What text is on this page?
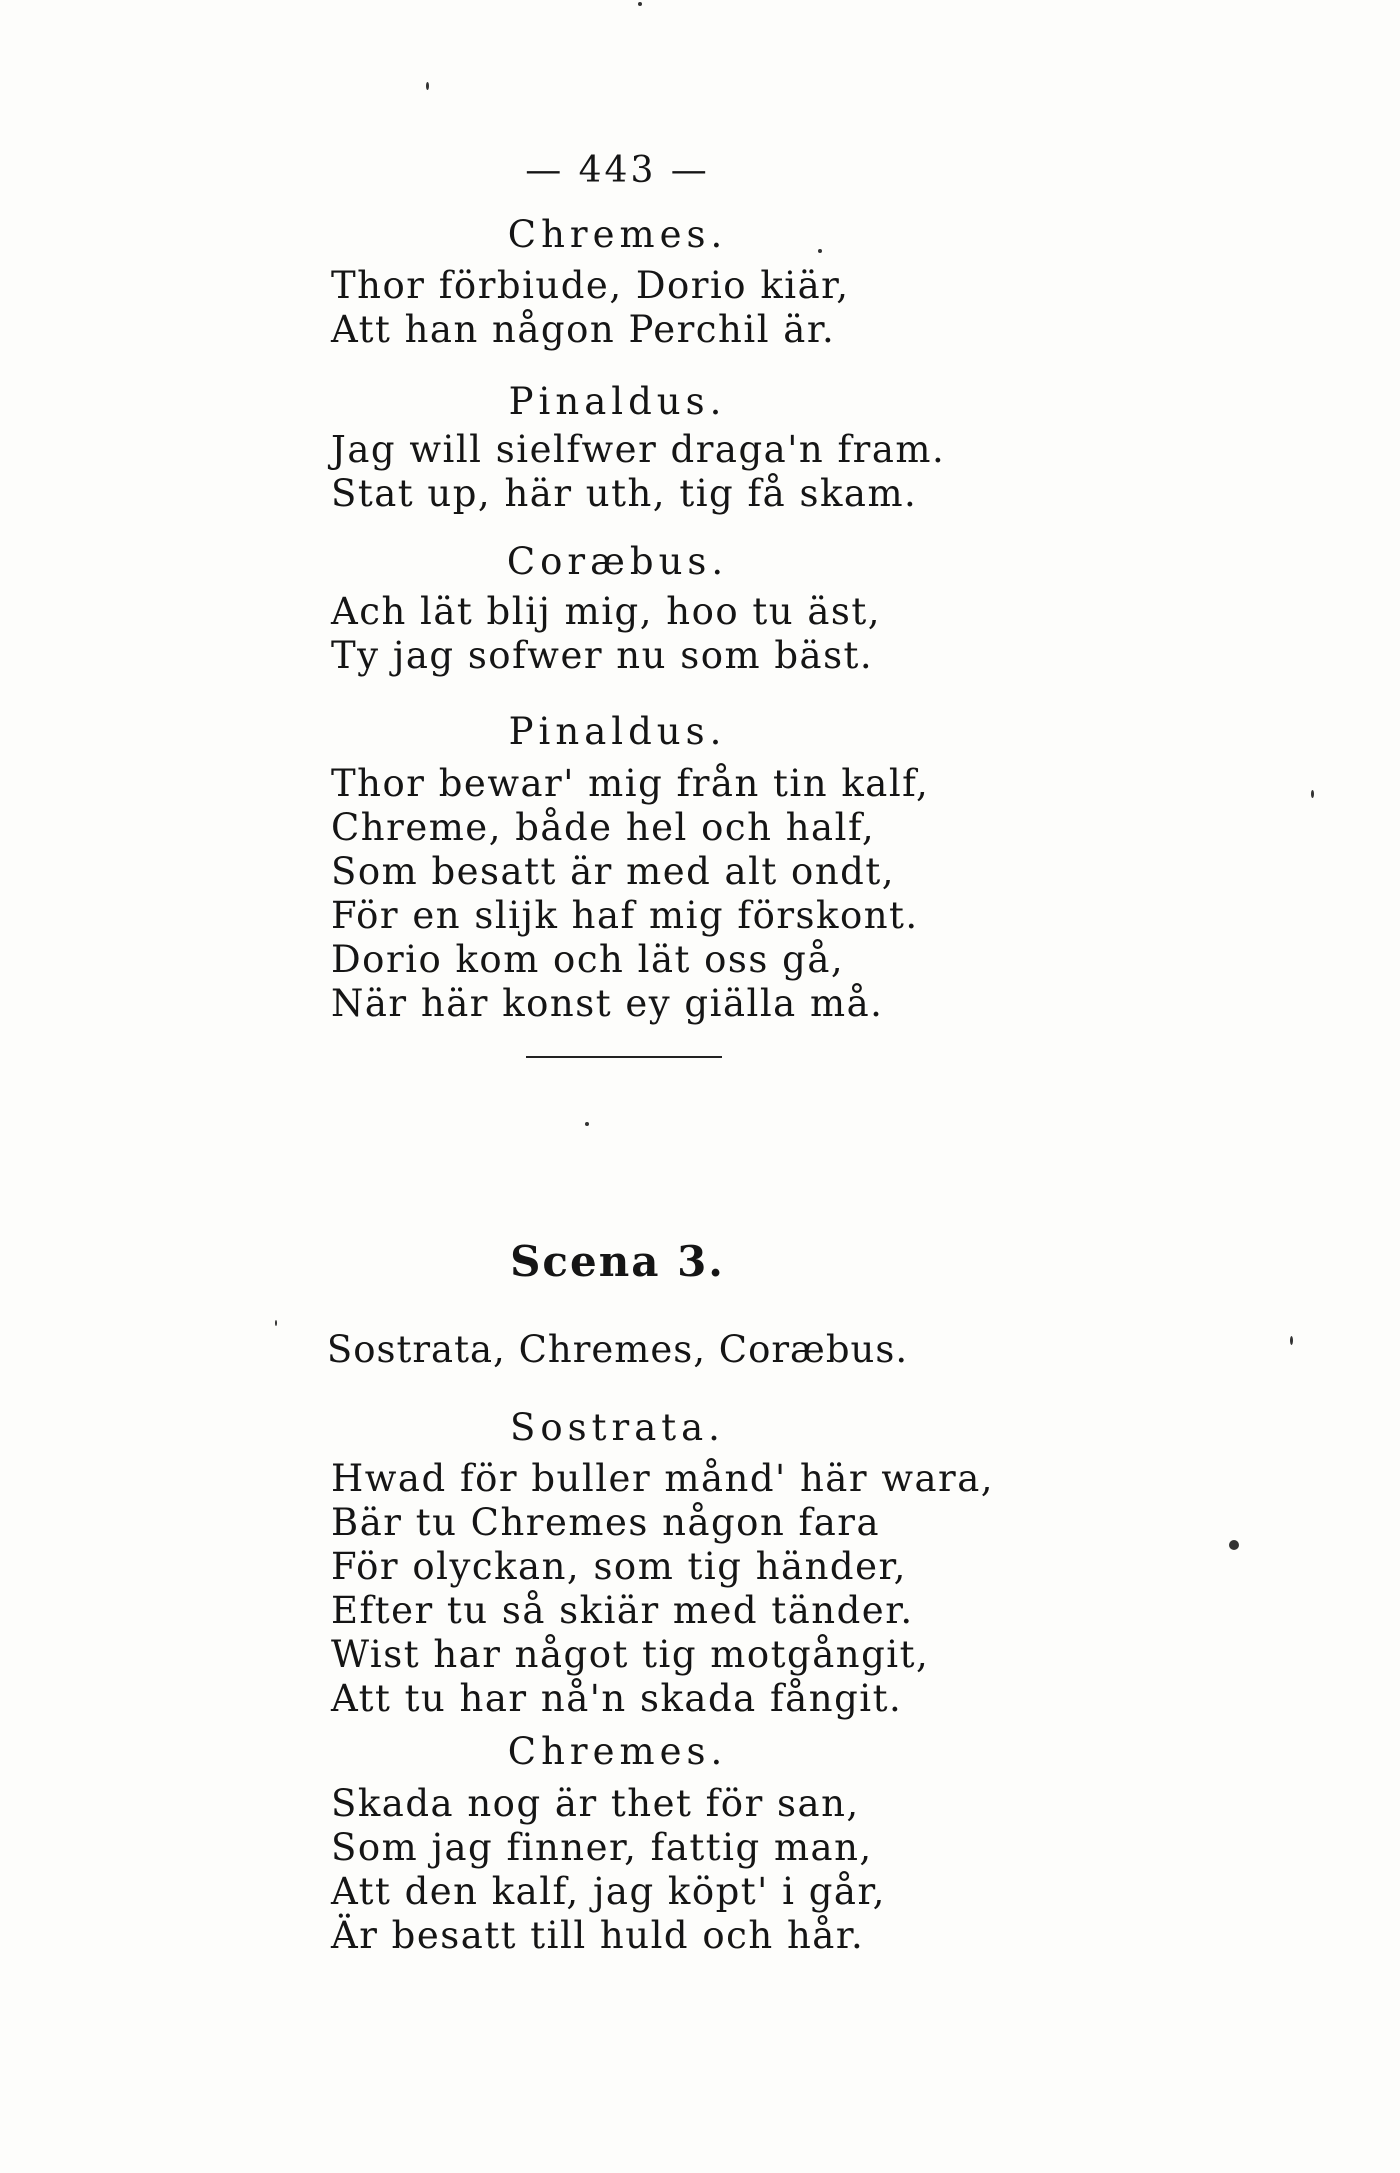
— 443 —
Chremes.
Thor förbiude, Dorio kiär,
Att han någon Perchil är.
Pinaldus.
Jag will sielfwer draga'n fram.
Stat up, här uth, tig få skam.
Coræbus.
Ach lät blij mig, hoo tu äst,
Ty jag sofwer nu som bäst.
Pinaldus.
Thor bewar' mig från tin kalf,
Chreme, både hel och half,
Som besatt är med alt ondt,
För en slijk haf mig förskont.
Dorio kom och lät oss gå,
När här konst ey giälla må.
Scena 3.
Sostrata, Chremes, Coræbus.
Sostrata.
Hwad för buller månd' här wara,
Bär tu Chremes någon fara
För olyckan, som tig händer,
Efter tu så skiär med tänder.
Wist har något tig motgångit,
Att tu har nå'n skada fångit.
Chremes.
Skada nog är thet för san,
Som jag finner, fattig man,
Att den kalf, jag köpt' i går,
Är besatt till huld och hår.
